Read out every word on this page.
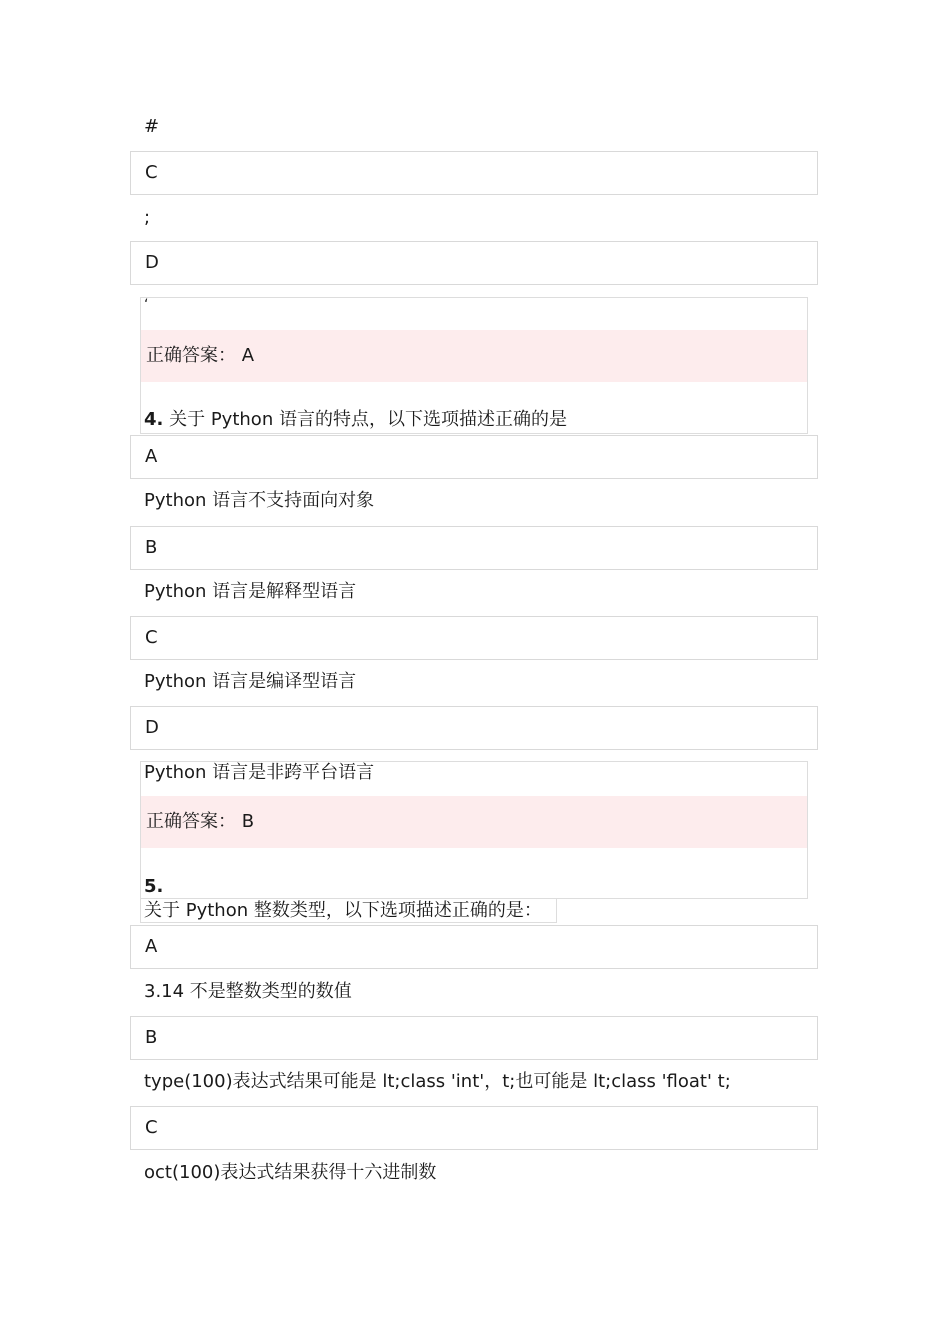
#
C
;
D
‘
正确答案： A
4. 关于 Python 语言的特点，以下选项描述正确的是
A
Python 语言不支持面向对象
B
Python 语言是解释型语言
C
Python 语言是编译型语言
D
Python 语言是非跨平台语言
正确答案： B
5.
关于 Python 整数类型，以下选项描述正确的是：
A
3.14 不是整数类型的数值
B
type(100)表达式结果可能是 lt;class 'int'，t;也可能是 lt;class 'float' t;
C
oct(100)表达式结果获得十六进制数
